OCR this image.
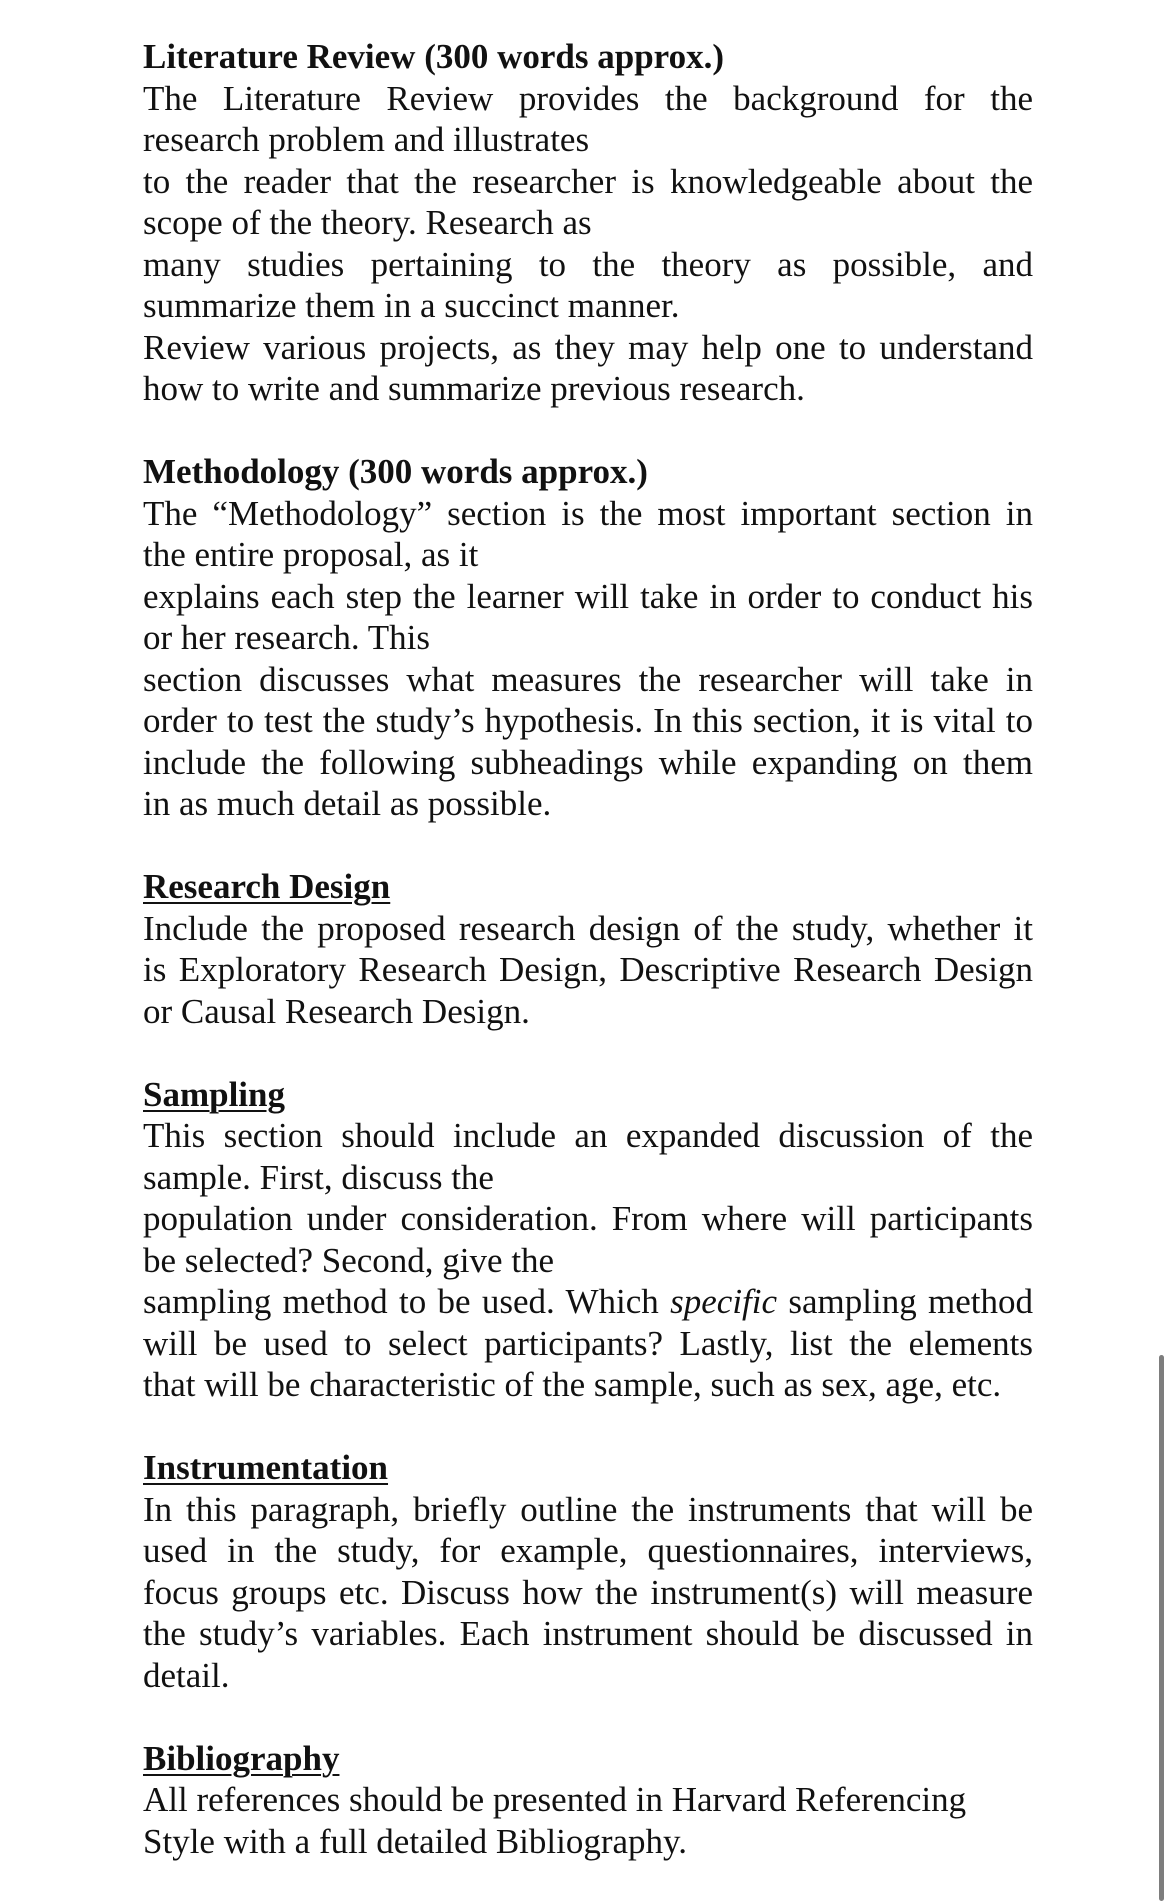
Literature Review (300 words approx.)

The Literature Review provides the background for the
research problem and illustrates
to the reader that the researcher is knowledgeable about the
scope of the theory. Research as
many studies pertaining to the theory as possible, and
summarize them in a succinct manner.
Review various projects, as they may help one to understand
how to write and summarize previous research.

Methodology (300 words approx.)

The “Methodology” section is the most important section in
the entire proposal, as it
explains each step the learner will take in order to conduct his
or her research. This
section discusses what measures the researcher will take in
order to test the study’s hypothesis. In this section, it is vital to
include the following subheadings while expanding on them
in as much detail as possible.

Research Design

Include the proposed research design of the study, whether it
is Exploratory Research Design, Descriptive Research Design
or Causal Research Design.

Sampling

This section should include an expanded discussion of the
sample. First, discuss the
population under consideration. From where will participants
be selected? Second, give the
sampling method to be used. Which specific sampling method
will be used to select participants? Lastly, list the elements
that will be characteristic of the sample, such as sex, age, etc.

Instrumentation

In this paragraph, briefly outline the instruments that will be
used in the study, for example, questionnaires, interviews,
focus groups etc. Discuss how the instrument(s) will measure
the study’s variables. Each instrument should be discussed in
detail.

Bibliography

All references should be presented in Harvard Referencing
Style with a full detailed Bibliography.
